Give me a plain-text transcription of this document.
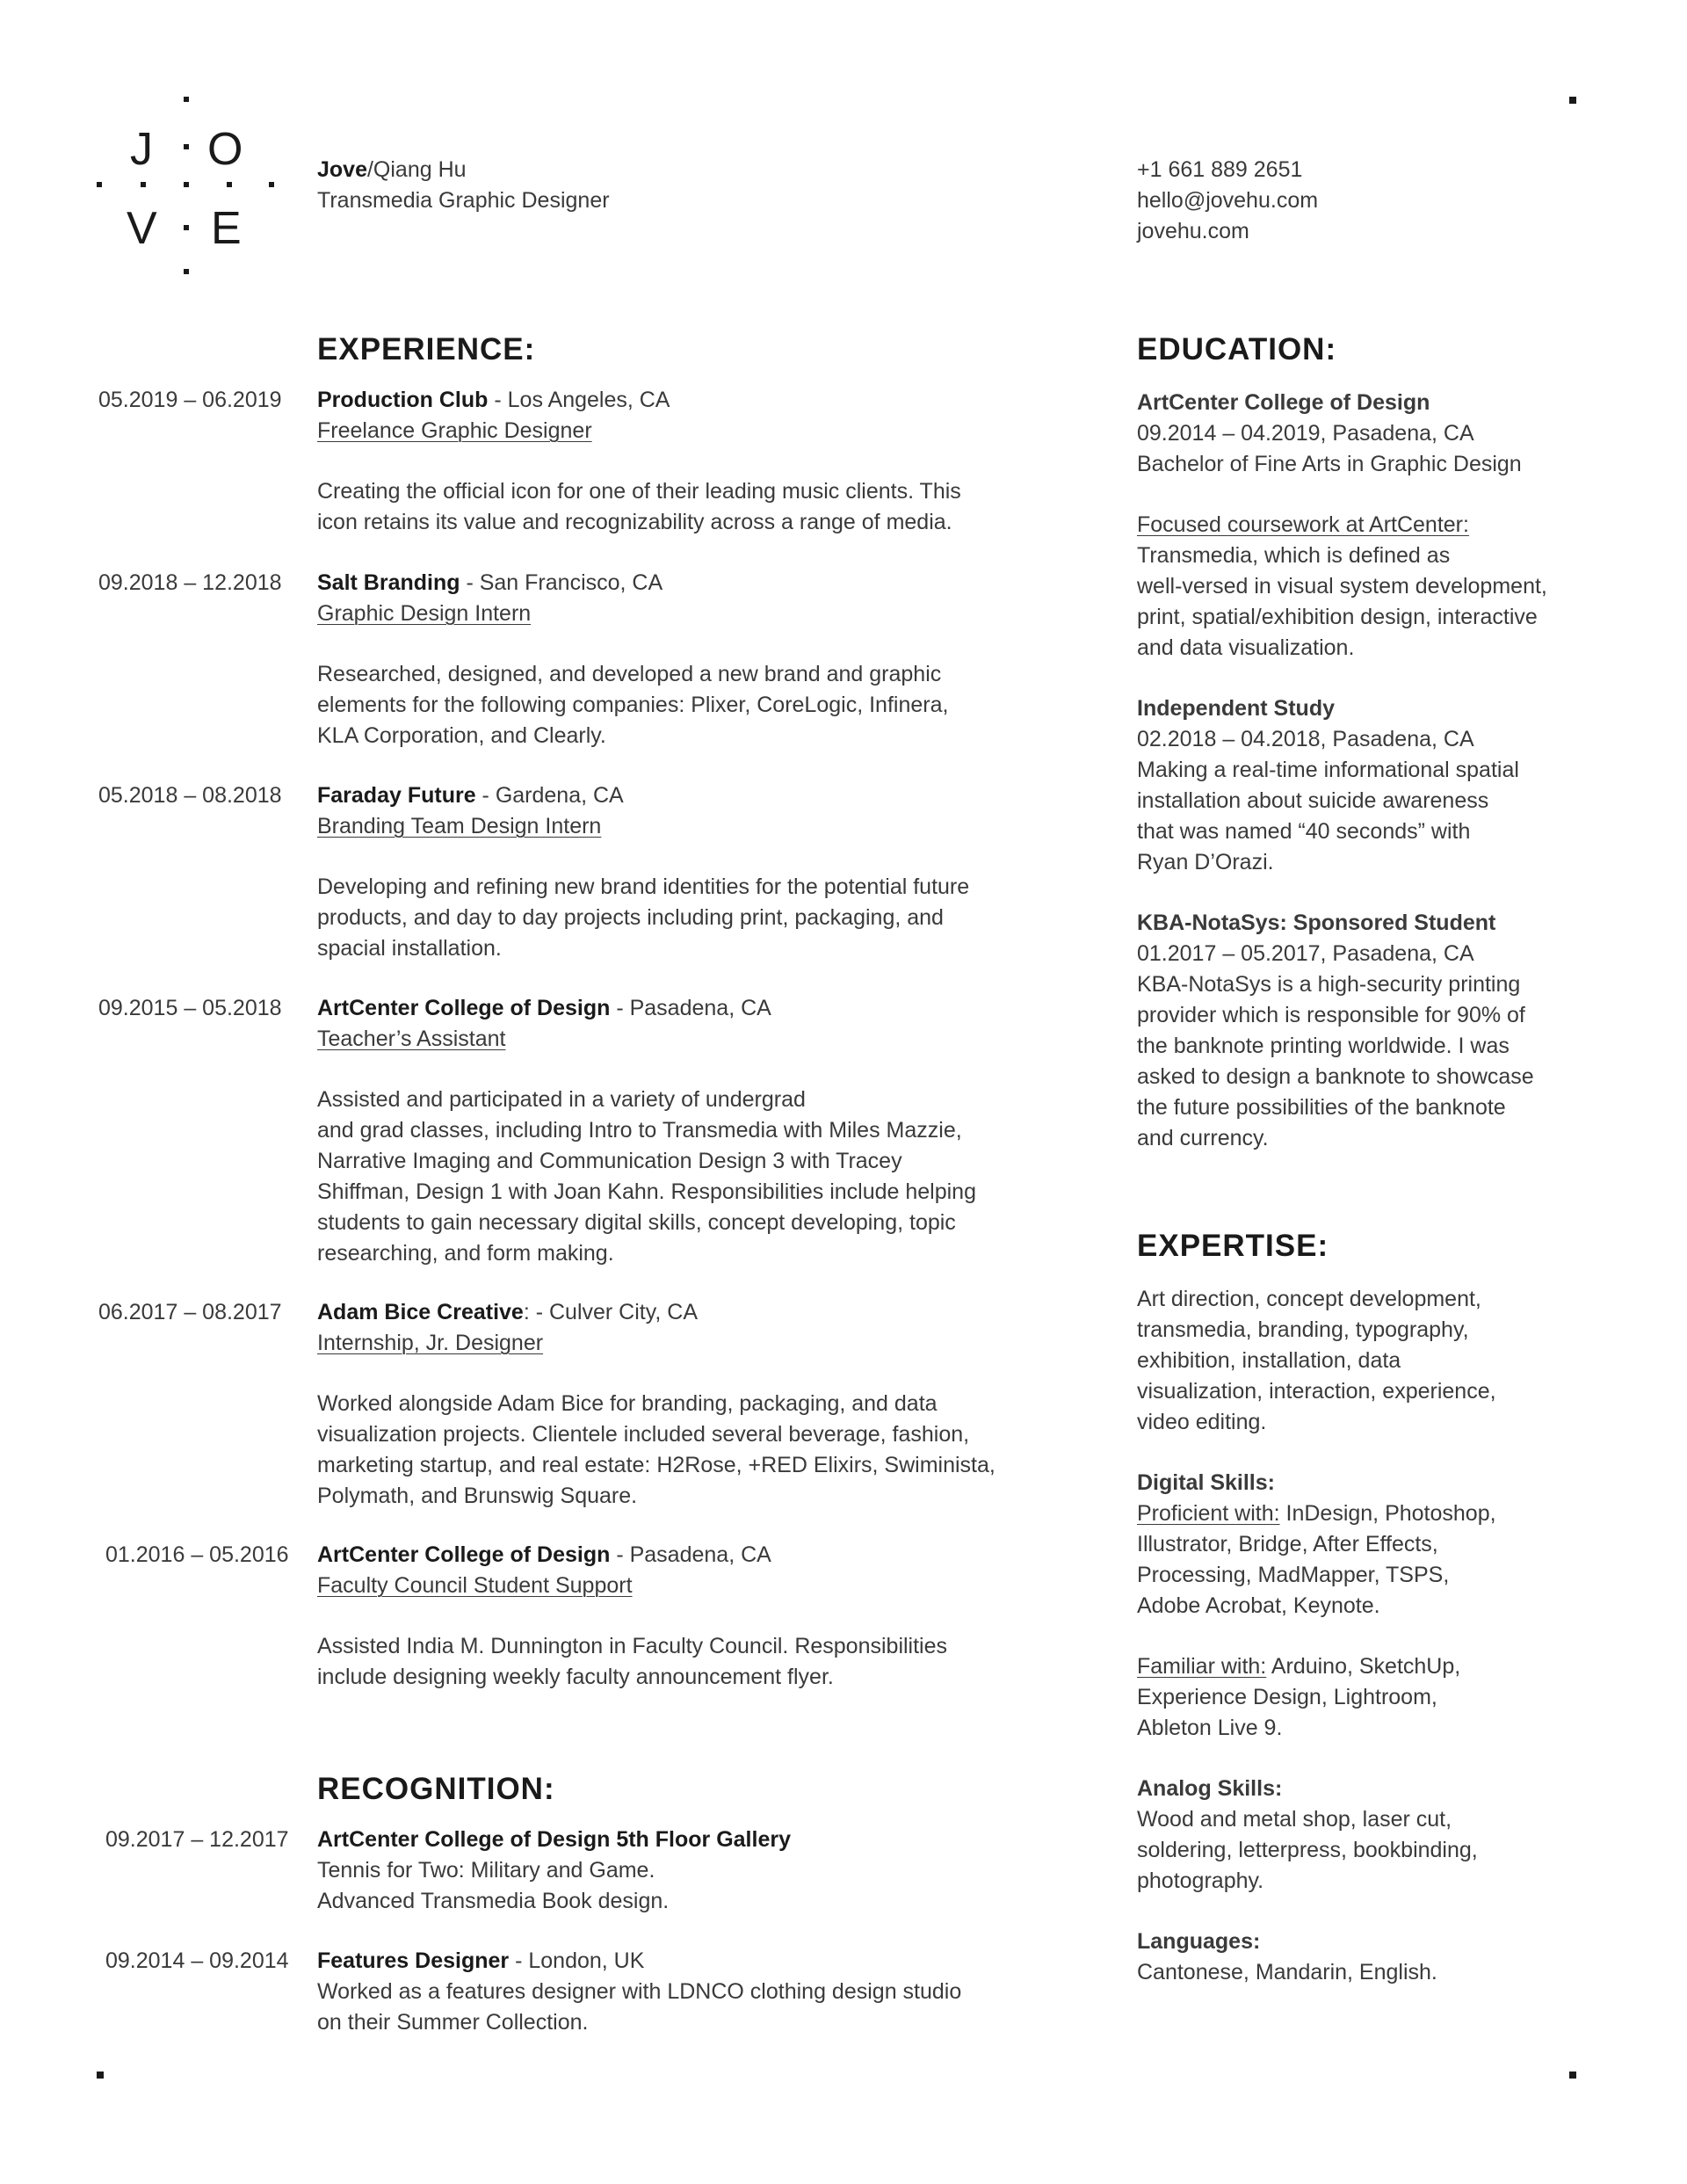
J O
V E

Jove/Qiang Hu

Transmedia Graphic Designer

+1 661 889 2651

hello@jovehu.com

jovehu.com

EXPERIENCE:
05.2019 – 06.2019 Production Club - Los Angeles, CA

Freelance Graphic Designer

Creating the official icon for one of their leading music clients. This
icon retains its value and recognizability across a range of media.

09.2018 – 12.2018 Salt Branding - San Francisco, CA

Graphic Design Intern

Researched, designed, and developed a new brand and graphic
elements for the following companies: Plixer, CoreLogic, Infinera,
KLA Corporation, and Clearly.

05.2018 – 08.2018 Faraday Future - Gardena, CA

Branding Team Design Intern

Developing and refining new brand identities for the potential future
products, and day to day projects including print, packaging, and
spacial installation.

09.2015 – 05.2018 ArtCenter College of Design - Pasadena, CA

Teacher’s Assistant

Assisted and participated in a variety of undergrad
and grad classes, including Intro to Transmedia with Miles Mazzie,
Narrative Imaging and Communication Design 3 with Tracey
Shiffman, Design 1 with Joan Kahn. Responsibilities include helping
students to gain necessary digital skills, concept developing, topic
researching, and form making.

06.2017 – 08.2017 Adam Bice Creative: - Culver City, CA

Internship, Jr. Designer

Worked alongside Adam Bice for branding, packaging, and data
visualization projects. Clientele included several beverage, fashion,
marketing startup, and real estate: H2Rose, +RED Elixirs, Swiminista,
Polymath, and Brunswig Square.

01.2016 – 05.2016 ArtCenter College of Design - Pasadena, CA

Faculty Council Student Support

Assisted India M. Dunnington in Faculty Council. Responsibilities
include designing weekly faculty announcement flyer.

RECOGNITION:
09.2017 – 12.2017 ArtCenter College of Design 5th Floor Gallery

Tennis for Two: Military and Game.
Advanced Transmedia Book design.

09.2014 – 09.2014 Features Designer - London, UK

Worked as a features designer with LDNCO clothing design studio
on their Summer Collection.

EDUCATION:

ArtCenter College of Design

09.2014 – 04.2019, Pasadena, CA

Bachelor of Fine Arts in Graphic Design

Focused coursework at ArtCenter:

Transmedia, which is defined as
well-versed in visual system development,
print, spatial/exhibition design, interactive
and data visualization.

Independent Study

02.2018 – 04.2018, Pasadena, CA
Making a real-time informational spatial
installation about suicide awareness
that was named “40 seconds” with
Ryan D’Orazi.

KBA-NotaSys: Sponsored Student

01.2017 – 05.2017, Pasadena, CA
KBA-NotaSys is a high-security printing
provider which is responsible for 90% of
the banknote printing worldwide. I was
asked to design a banknote to showcase
the future possibilities of the banknote
and currency.

EXPERTISE:

Art direction, concept development,
transmedia, branding, typography,
exhibition, installation, data
visualization, interaction, experience,
video editing.

Digital Skills:

Proficient with: InDesign, Photoshop,
Illustrator, Bridge, After Effects,
Processing, MadMapper, TSPS,
Adobe Acrobat, Keynote.

Familiar with: Arduino, SketchUp,
Experience Design, Lightroom,
Ableton Live 9.

Analog Skills:

Wood and metal shop, laser cut,
soldering, letterpress, bookbinding,
photography.

Languages:

Cantonese, Mandarin, English.
